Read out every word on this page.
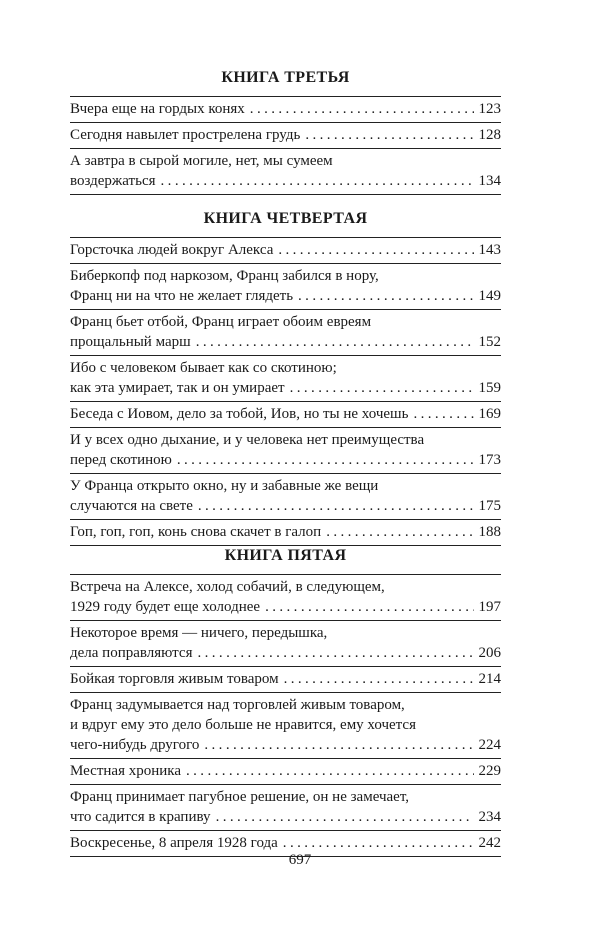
КНИГА ТРЕТЬЯ
Вчера еще на гордых конях .....	123
Сегодня навылет прострелена грудь .....	128
А завтра в сырой могиле, нет, мы сумеем
воздержаться .....	134
КНИГА ЧЕТВЕРТАЯ
Горсточка людей вокруг Алекса .....	143
Биберкопф под наркозом, Франц забился в нору,
Франц ни на что не желает глядеть .....	149
Франц бьет отбой, Франц играет обоим евреям
прощальный марш .....	152
Ибо с человеком бывает как со скотиною;
как эта умирает, так и он умирает .....	159
Беседа с Иовом, дело за тобой, Иов, но ты не хочешь .....	169
И у всех одно дыхание, и у человека нет преимущества
перед скотиною .....	173
У Франца открыто окно, ну и забавные же вещи
случаются на свете .....	175
Гоп, гоп, гоп, конь снова скачет в галоп .....	188
КНИГА ПЯТАЯ
Встреча на Алексе, холод собачий, в следующем,
1929 году будет еще холоднее .....	197
Некоторое время — ничего, передышка,
дела поправляются .....	206
Бойкая торговля живым товаром .....	214
Франц задумывается над торговлей живым товаром,
и вдруг ему это дело больше не нравится, ему хочется
чего-нибудь другого .....	224
Местная хроника .....	229
Франц принимает пагубное решение, он не замечает,
что садится в крапиву .....	234
Воскресенье, 8 апреля 1928 года .....	242
697
